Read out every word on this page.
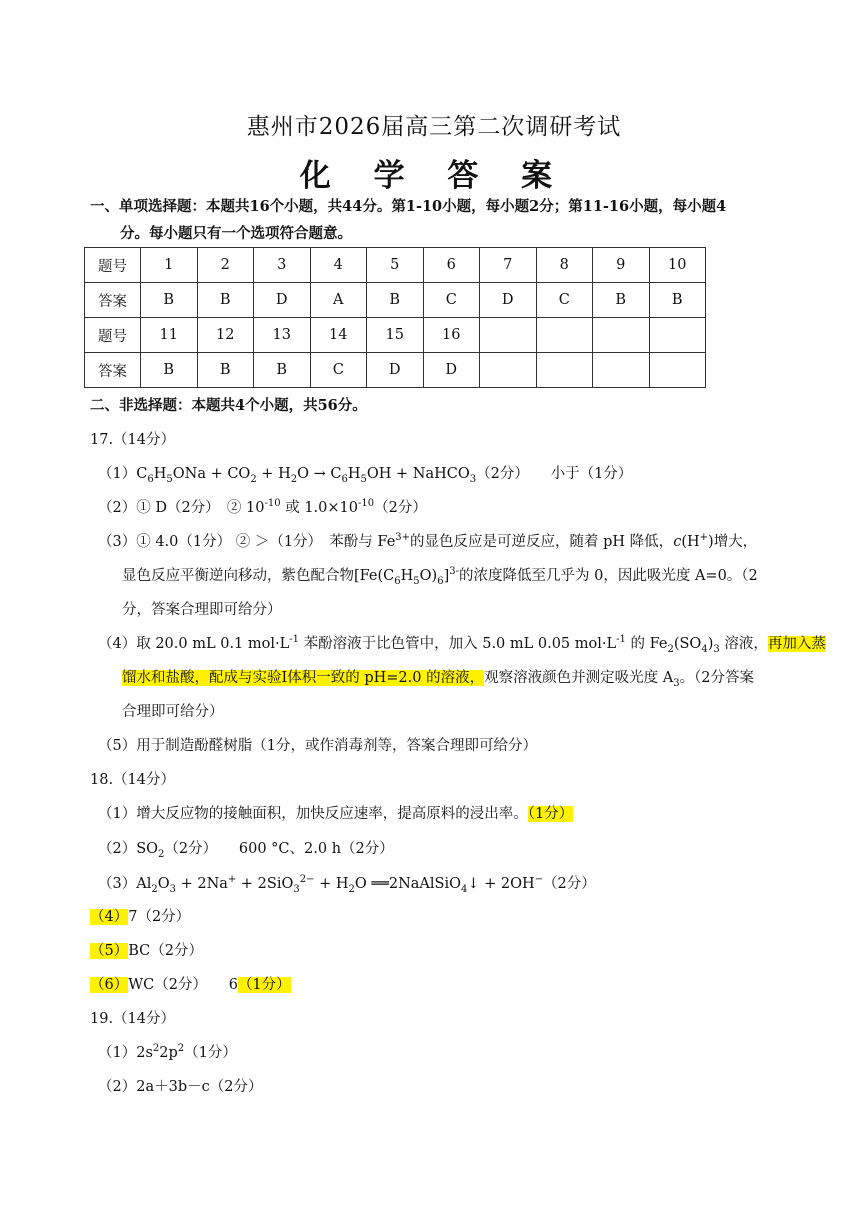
惠州市2026届高三第二次调研考试
化 学 答 案
一、单项选择题：本题共16个小题，共44分。第1-10小题，每小题2分；第11-16小题，每小题4
分。每小题只有一个选项符合题意。
题号	1	2	3	4	5	6	7	8	9	10
答案	B	B	D	A	B	C	D	C	B	B
题号	11	12	13	14	15	16				
答案	B	B	B	C	D	D				
二、非选择题：本题共4个小题，共56分。
17.（14分）
$(1)C_6H_5ONa + CO_2 + H_2O \to C_6H_5OH$ + NaHCO$_3$（2分）　　 小于（1分）
（2）① D（2分）　② $10^{-10}$ 或 $1.0\times 10^{-10}(2$分）
（3）① 4.0（1分） ② ＞（1分）　苯酚与 $Fe^{3+}$的显色反应是可逆反应，随着 pH 降低，c(H+)增大，
显色反应平衡逆向移动，紫色配合物$[Fe(C_6H_5O)_6]^{3-}$的浓度降低至几乎为 0，因此吸光度 A=0。（2
分，答案合理即可给分）
（4）取 20.0 mL 0.1 $mol\cdot L^{-1}$ 苯酚溶液于比色管中，加入 5.0 mL 0.05 $mol\cdot L^{-1}$ 的 $Fe_2(SO_4)_3$ 溶液，再加入蒸
馏水和盐酸，配成与实验I体积一致的 pH=2.0 的溶液，观察溶液颜色并测定吸光度 $A_3$。（2分答案
合理即可给分）
（5）用于制造酚醛树脂（1分，或作消毒剂等，答案合理即可给分）
18.（14分）
（1）增大反应物的接触面积，加快反应速率，提高原料的浸出率。（1分）
$(2)SO_2(2$分）　　600 °C、2.0 h（2分）
$(3)Al_2O_3 + 2Na^+ + 2SiO_3^{2-} + H_2O$ ══2NaAlSiO$_4$↓ + 2OH−（2分）
（4）7（2分）
（5）BC（2分）
（6）WC（2分）　　6（1分）
19.（14分）
$(1)2s^22p^2(1$分）
（2）2a＋3b－c（2分）
